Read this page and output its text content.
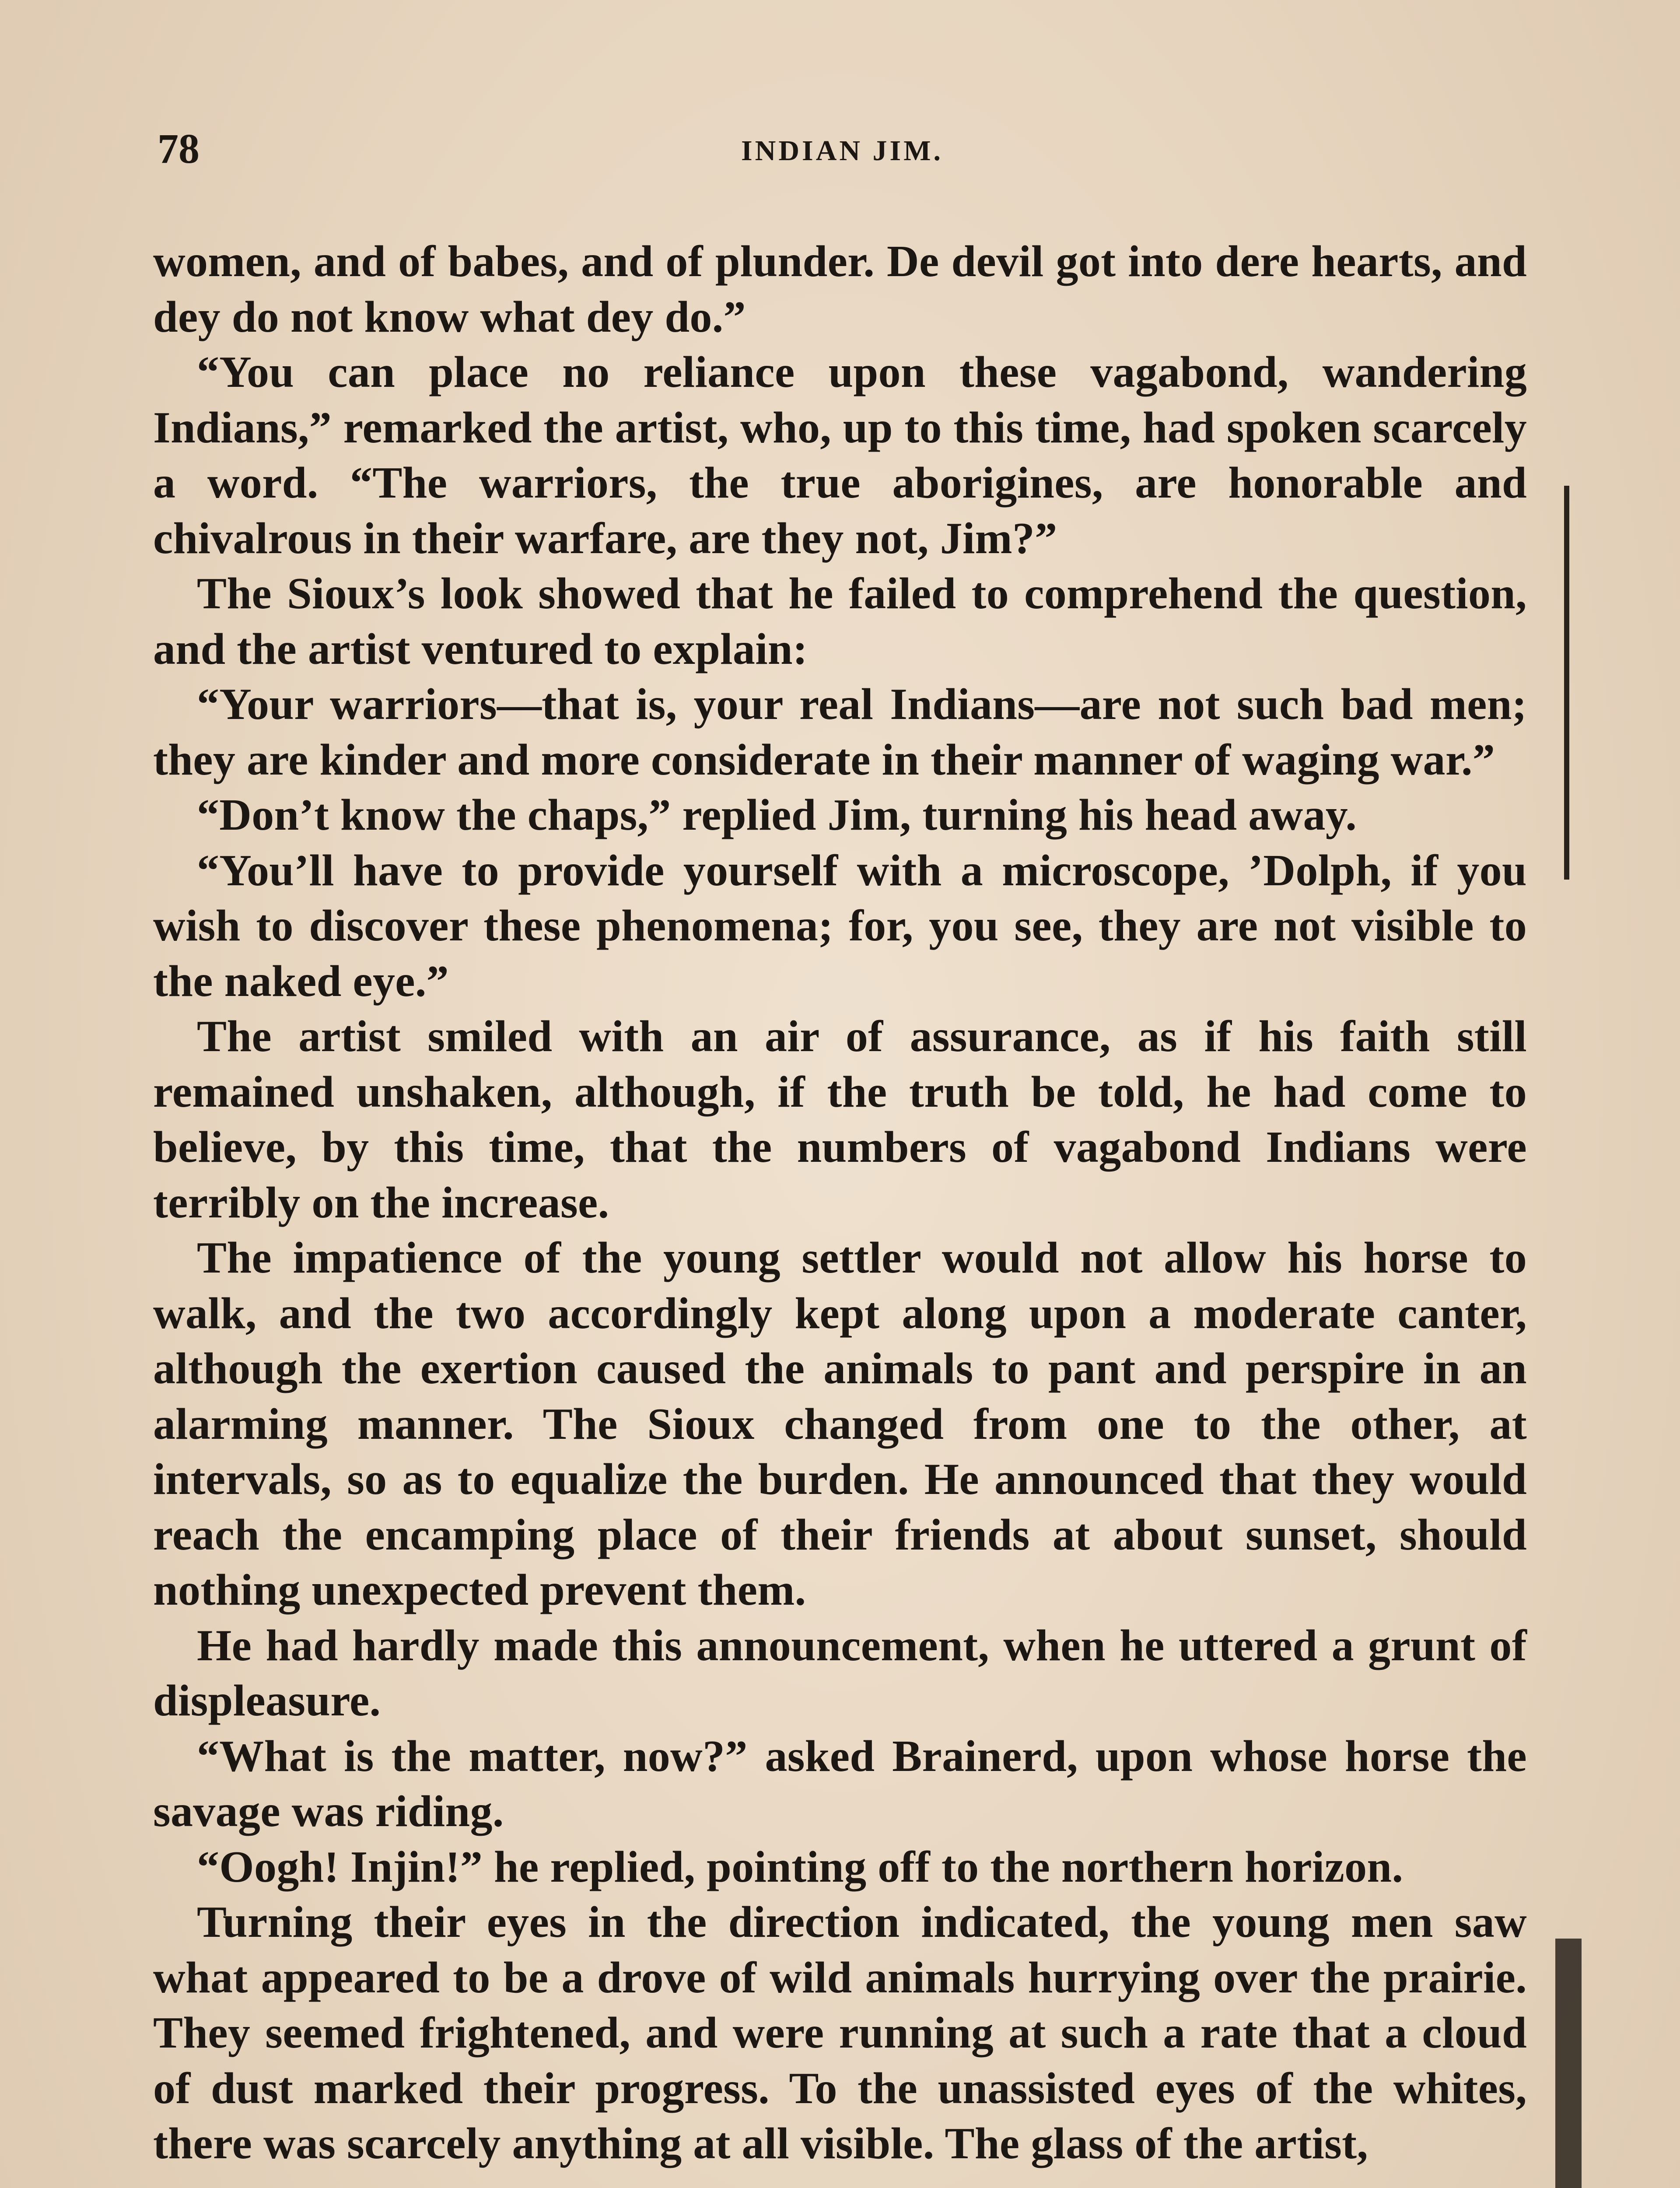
78	INDIAN JIM.

women, and of babes, and of plunder. De devil got into dere hearts, and dey do not know what dey do.”

“You can place no reliance upon these vagabond, wandering Indians,” remarked the artist, who, up to this time, had spoken scarcely a word. “The warriors, the true aborigines, are honorable and chivalrous in their warfare, are they not, Jim?”

The Sioux’s look showed that he failed to comprehend the question, and the artist ventured to explain:

“Your warriors—that is, your real Indians—are not such bad men; they are kinder and more considerate in their manner of waging war.”

“Don’t know the chaps,” replied Jim, turning his head away.

“You’ll have to provide yourself with a microscope, ’Dolph, if you wish to discover these phenomena; for, you see, they are not visible to the naked eye.”

The artist smiled with an air of assurance, as if his faith still remained unshaken, although, if the truth be told, he had come to believe, by this time, that the numbers of vagabond Indians were terribly on the increase.

The impatience of the young settler would not allow his horse to walk, and the two accordingly kept along upon a moderate canter, although the exertion caused the animals to pant and perspire in an alarming manner. The Sioux changed from one to the other, at intervals, so as to equalize the burden. He announced that they would reach the encamping place of their friends at about sunset, should nothing unexpected prevent them.

He had hardly made this announcement, when he uttered a grunt of displeasure.

“What is the matter, now?” asked Brainerd, upon whose horse the savage was riding.

“Oogh! Injin!” he replied, pointing off to the northern horizon.

Turning their eyes in the direction indicated, the young men saw what appeared to be a drove of wild animals hurrying over the prairie. They seemed frightened, and were running at such a rate that a cloud of dust marked their progress. To the unassisted eyes of the whites, there was scarcely anything at all visible. The glass of the artist,
